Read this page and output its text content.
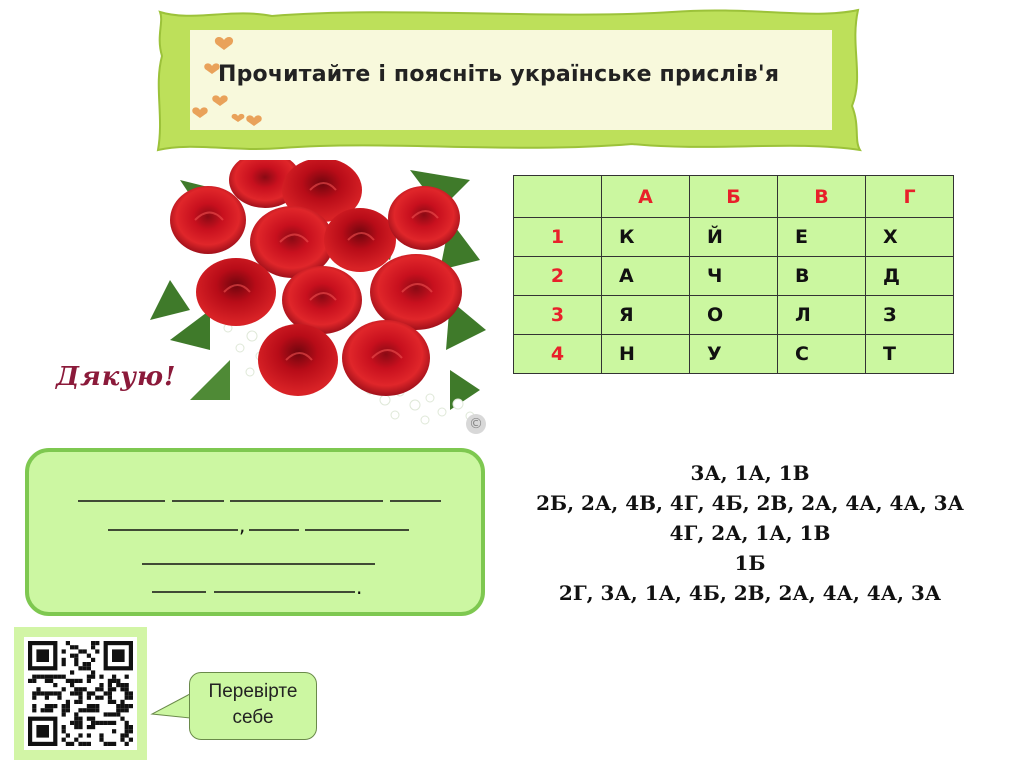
Прочитайте і поясніть українське прислів'я
Дякую!
©
	А	Б	В	Г
1	К	Й	Е	Х
2	А	Ч	В	Д
3	Я	О	Л	З
4	Н	У	С	Т
,
.
3А, 1А, 1В
2Б, 2А, 4В, 4Г, 4Б, 2В, 2А, 4А, 4А, 3А
4Г, 2А, 1А, 1В
1Б
2Г, 3А, 1А, 4Б, 2В, 2А, 4А, 4А, 3А
Перевірте
себе
